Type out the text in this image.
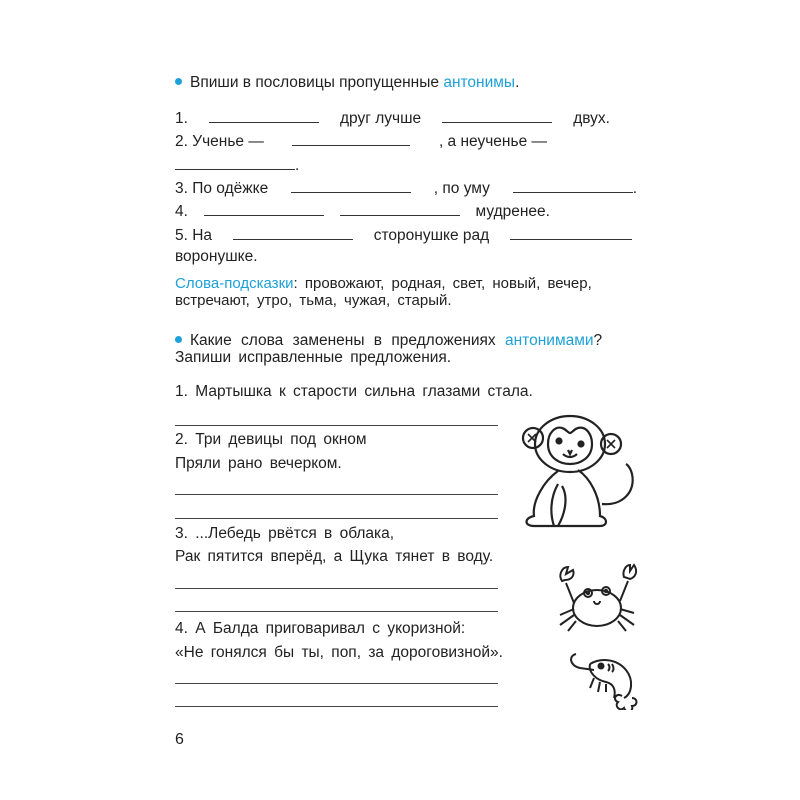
Впиши в пословицы пропущенные антонимы.
1.	друг лучше	двух.
2. Ученье —	, а неученье —
.
3. По одёжке	, по уму	.
4.	мудренее.
5. На	сторонушке рад
воронушке.
Слова-подсказки: провожают, родная, свет, новый, вечер,
встречают, утро, тьма, чужая, старый.
Какие слова заменены в предложениях антонимами?
Запиши исправленные предложения.
1. Мартышка к старости сильна глазами стала.
2. Три девицы под окном
Пряли рано вечерком.
3. ...Лебедь рвётся в облака,
Рак пятится вперёд, а Щука тянет в воду.
4. А Балда приговаривал с укоризной:
«Не гонялся бы ты, поп, за дороговизной».
6
